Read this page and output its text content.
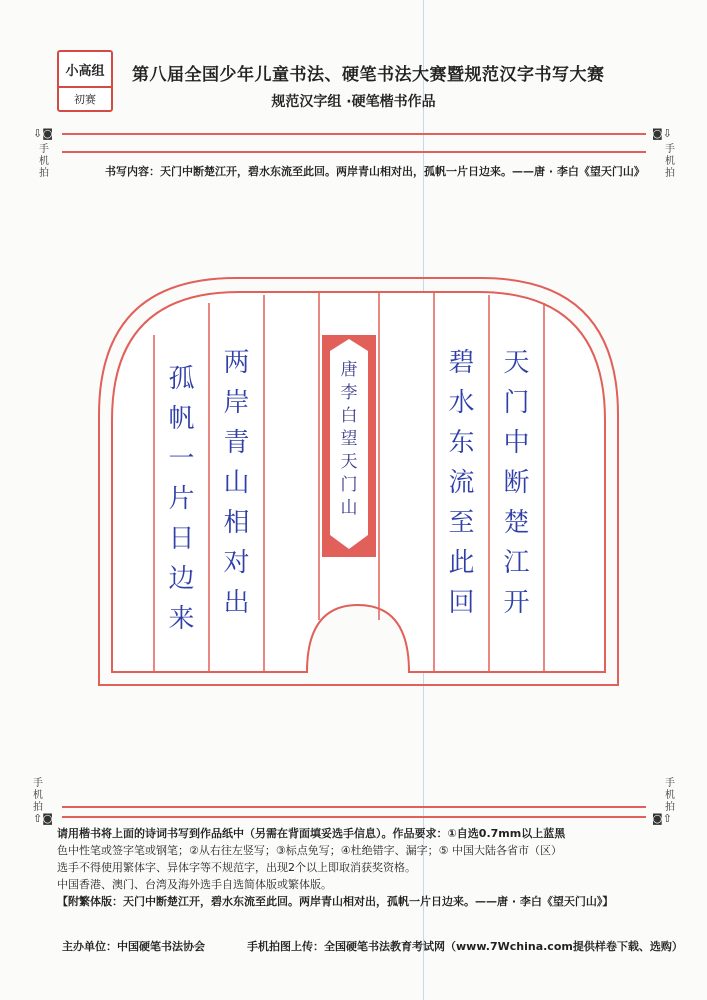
小高组
初赛
第八届全国少年儿童书法、硬笔书法大赛暨规范汉字书写大赛
规范汉字组 ·硬笔楷书作品
⇩◙	◙⇩
手机拍
手机拍
书写内容：天门中断楚江开，碧水东流至此回。两岸青山相对出，孤帆一片日边来。——唐 · 李白《望天门山》
天
门
中
断
楚
江
开
碧
水
东
流
至
此
回
唐
李
白
望
天
门
山
两
岸
青
山
相
对
出
孤
帆
一
片
日
边
来
手机拍
手机拍
⇧◙	◙⇧
请用楷书将上面的诗词书写到作品纸中（另需在背面填妥选手信息）。作品要求：①自选0.7mm以上蓝黑
色中性笔或签字笔或钢笔；②从右往左竖写；③标点免写；④杜绝错字、漏字；⑤ 中国大陆各省市（区）
选手不得使用繁体字、异体字等不规范字，出现2个以上即取消获奖资格。
中国香港、澳门、台湾及海外选手自选简体版或繁体版。
【附繁体版：天门中断楚江开，碧水东流至此回。两岸青山相对出，孤帆一片日边来。——唐 · 李白《望天门山》】
主办单位：中国硬笔书法协会	手机拍图上传：全国硬笔书法教育考试网（www.7Wchina.com提供样卷下载、选购）
